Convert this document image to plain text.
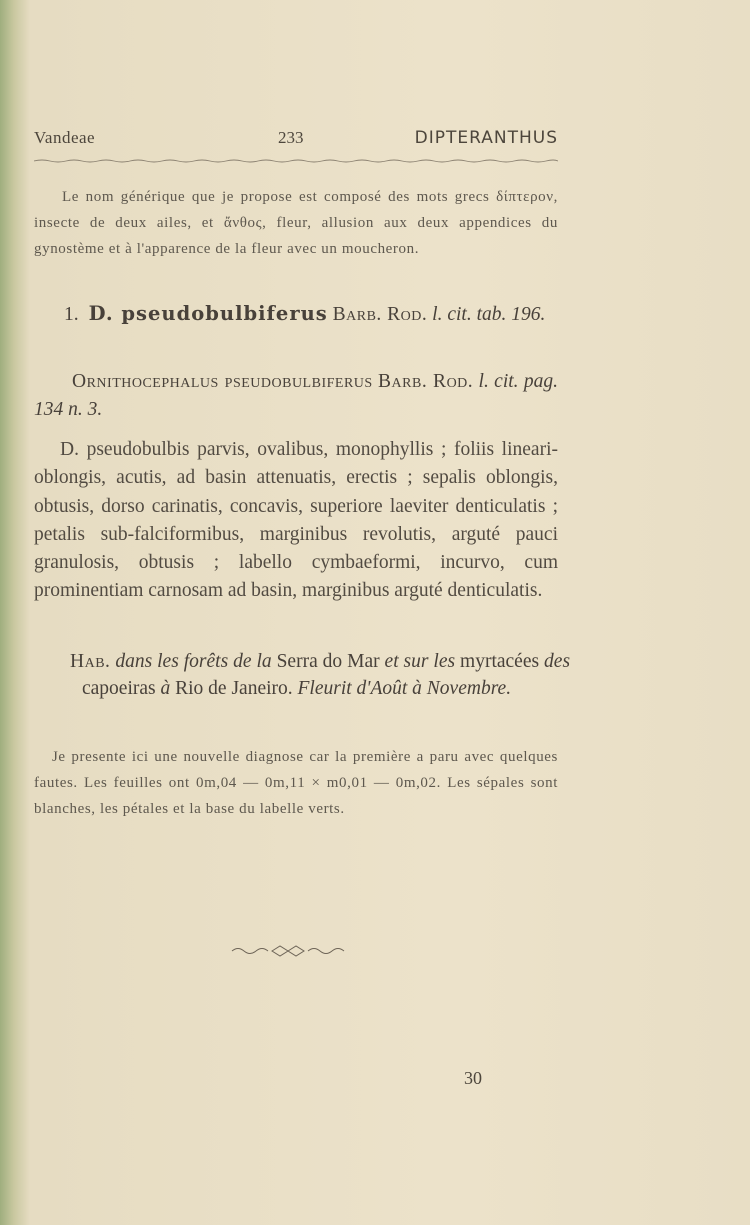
Vandeae	233	DIPTERANTHUS

Le nom générique que je propose est composé des mots grecs δίπτερον, insecte de deux ailes, et ἄνθος, fleur, allusion aux deux appendices du gynostème et à l'apparence de la fleur avec un moucheron.

1. D. pseudobulbiferus Barb. Rod. l. cit. tab. 196.

Ornithocephalus pseudobulbiferus Barb. Rod. l. cit. pag. 134 n. 3.

D. pseudobulbis parvis, ovalibus, monophyllis ; foliis lineari-oblongis, acutis, ad basin attenuatis, erectis ; sepalis oblongis, obtusis, dorso carinatis, concavis, superiore laeviter denticulatis ; petalis sub-falciformibus, marginibus revolutis, arguté pauci granulosis, obtusis ; labello cymbaeformi, incurvo, cum prominentiam carnosam ad basin, marginibus arguté denticulatis.

Hab. dans les forêts de la Serra do Mar et sur les myrtacées des capoeiras à Rio de Janeiro. Fleurit d'Août à Novembre.

Je presente ici une nouvelle diagnose car la première a paru avec quelques fautes. Les feuilles ont 0m,04 — 0m,11 × m0,01 — 0m,02. Les sépales sont blanches, les pétales et la base du labelle verts.

30
